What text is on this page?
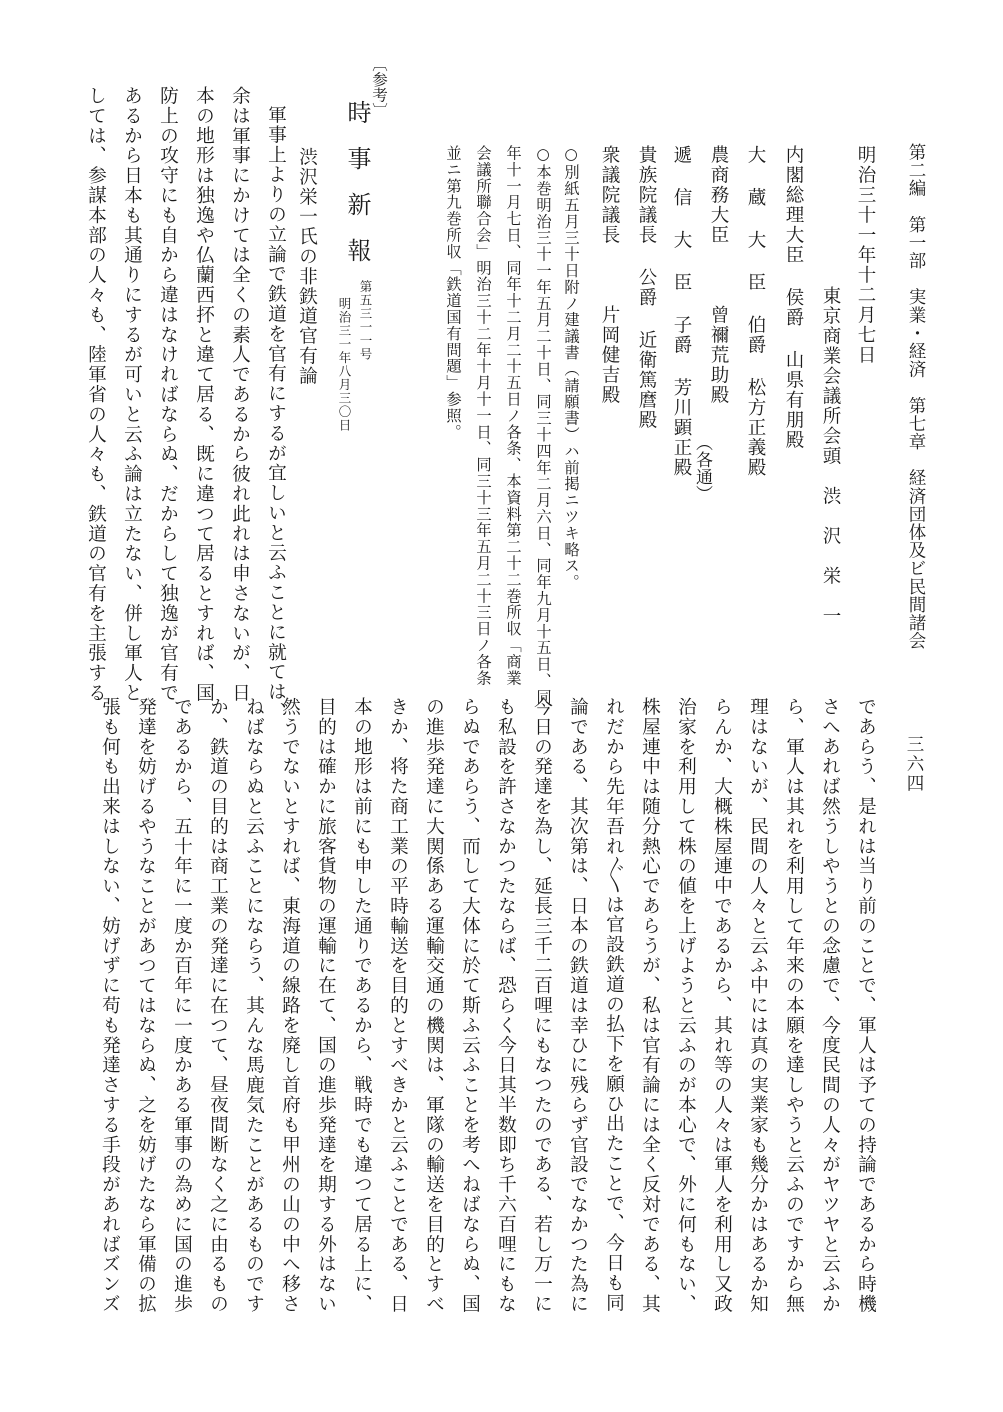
第二編　第一部　実業・経済　第七章　経済団体及ビ民間諸会
三六四
明治三十一年十二月七日
東京商業会議所会頭　渋　沢　栄　一
内閣総理大臣 侯爵 山県有朋殿
大 蔵 大 臣 伯爵 松方正義殿
農商務大臣　　　曾禰荒助殿
遞 信 大 臣 子爵 芳川顕正殿
貴族院議長 公爵 近衛篤麿殿
衆議院議長　　　片岡健吉殿
（各通）
○別紙五月三十日附ノ建議書（請願書）ハ前掲ニツキ略ス。
○本巻明治三十一年五月二十日、同三十四年二月六日、同年九月十五日、同
年十一月七日、同年十二月二十五日ノ各条、本資料第二十二巻所収「商業
会議所聯合会」明治三十二年十月十一日、同三十三年五月二十三日ノ各条
並ニ第九巻所収「鉄道国有問題」参照。
〔参考〕
時事新報
第五三一一号
明治三一年八月三〇日
渋沢栄一氏の非鉄道官有論
軍事上よりの立論で鉄道を官有にするが宜しいと云ふことに就ては、
余は軍事にかけては全くの素人であるから彼れ此れは申さないが、日
本の地形は独逸や仏蘭西抔と違て居る、既に違つて居るとすれば、国
防上の攻守にも自から違はなければならぬ、だからして独逸が官有で
あるから日本も其通りにするが可いと云ふ論は立たない、併し軍人と
しては、参謀本部の人々も、陸軍省の人々も、鉄道の官有を主張する
であらう、是れは当り前のことで、軍人は予ての持論であるから時機
さへあれば然うしやうとの念慮で、今度民間の人々がヤツヤと云ふか
ら、軍人は其れを利用して年来の本願を達しやうと云ふのですから無
理はないが、民間の人々と云ふ中には真の実業家も幾分かはあるか知
らんか、大概株屋連中であるから、其れ等の人々は軍人を利用し又政
治家を利用して株の値を上げようと云ふのが本心で、外に何もない、
株屋連中は随分熱心であらうが、私は官有論には全く反対である、其
れだから先年吾れ〴〵は官設鉄道の払下を願ひ出たことで、今日も同
論である、其次第は、日本の鉄道は幸ひに残らず官設でなかつた為に
今日の発達を為し、延長三千二百哩にもなつたのである、若し万一に
も私設を許さなかつたならば、恐らく今日其半数即ち千六百哩にもな
らぬであらう、而して大体に於て斯ふ云ふことを考へねばならぬ、国
の進歩発達に大関係ある運輸交通の機関は、軍隊の輸送を目的とすべ
きか、将た商工業の平時輸送を目的とすべきかと云ふことである、日
本の地形は前にも申した通りであるから、戦時でも違つて居る上に、
目的は確かに旅客貨物の運輸に在て、国の進歩発達を期する外はない
然うでないとすれば、東海道の線路を廃し首府も甲州の山の中へ移さ
ねばならぬと云ふことにならう、其んな馬鹿気たことがあるものです
か、鉄道の目的は商工業の発達に在つて、昼夜間断なく之に由るもの
であるから、五十年に一度か百年に一度かある軍事の為めに国の進歩
発達を妨げるやうなことがあつてはならぬ、之を妨げたなら軍備の拡
張も何も出来はしない、妨げずに苟も発達さする手段があればズンズ
